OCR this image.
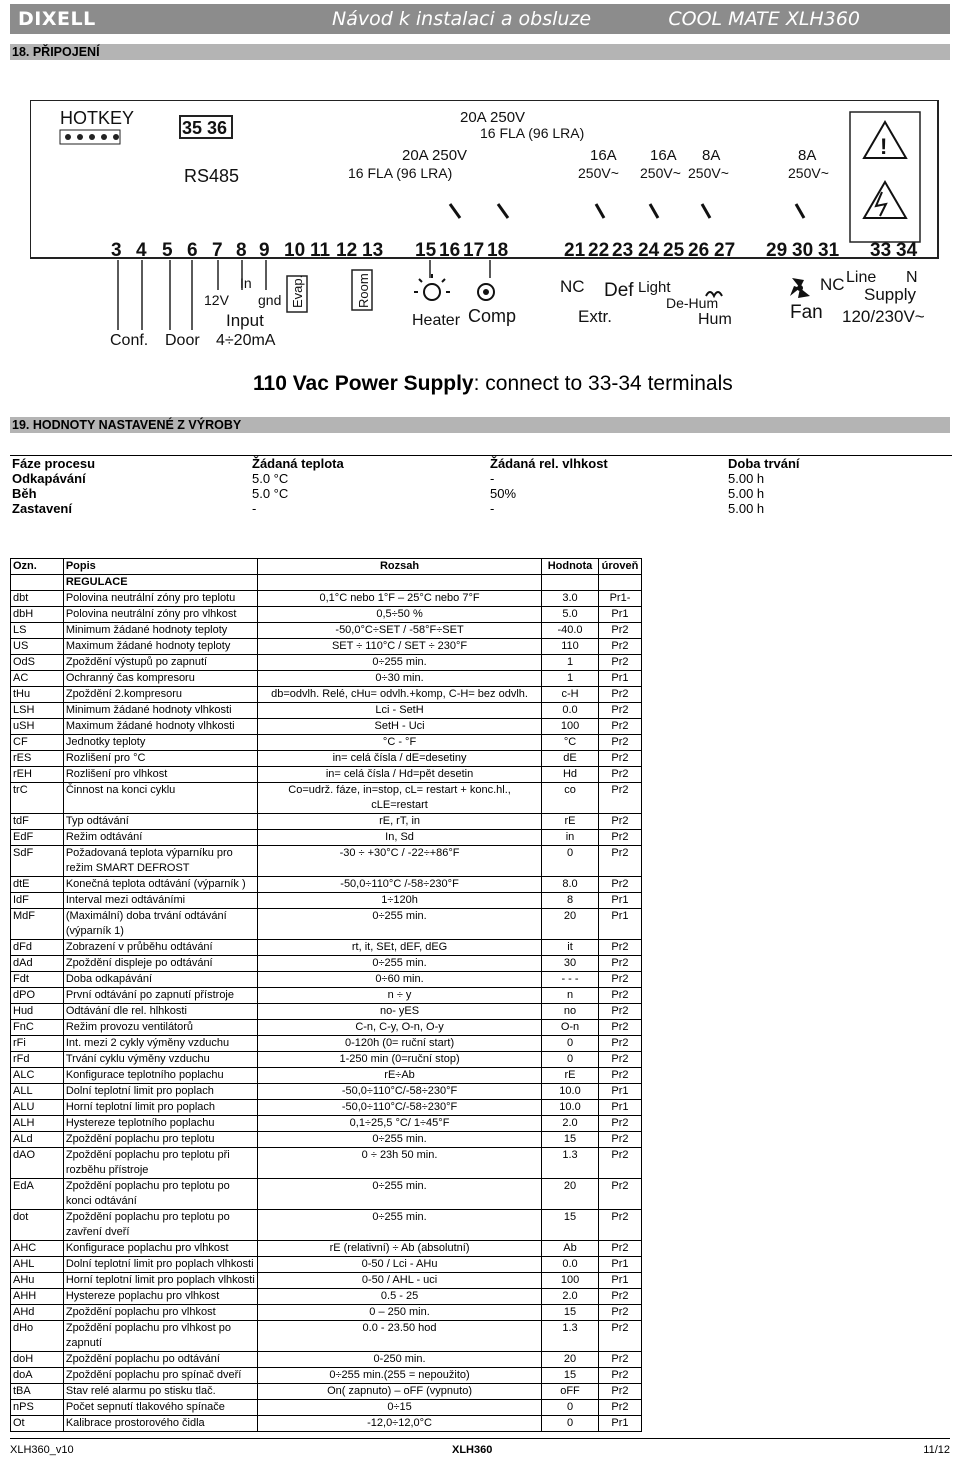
DIXELL	Návod k instalaci a obsluze	COOL MATE XLH360
18. PŘIPOJENÍ
HOTKEY	35 36
RS485
20A 250V
16 FLA (96 LRA)
20A 250V
16 FLA (96 LRA)
16A
250V~
16A
250V~
8A
250V~
8A
250V~
!
3 4 5 6 7 8 9 10 11 12 13 15 16 17 18	21 22 23 24 25 26 27 29 30 31 33 34
Conf. Door
12V gnd
In
Input
4÷20mA
Evap.	Room
Heater Comp
NC
Extr.
Def Light
De-Hum
Hum
NC
Fan
Line N
Supply
120/230V~
110 Vac Power Supply: connect to 33-34 terminals
19. HODNOTY NASTAVENÉ Z VÝROBY
Fáze procesu	Žádaná teplota	Žádaná rel. vlhkost	Doba trvání
Odkapávání	5.0 °C	-	5.00 h
Běh	5.0 °C	50%	5.00 h
Zastavení	-	-	5.00 h
Ozn.	Popis	Rozsah	Hodnota	úroveň
	REGULACE			
dbt	Polovina neutrální zóny pro teplotu	0,1°C nebo 1°F – 25°C nebo 7°F	3.0	Pr1-
dbH	Polovina neutrální zóny pro vlhkost	0,5÷50 %	5.0	Pr1
LS	Minimum žádané hodnoty teploty	-50,0°C÷SET / -58°F÷SET	-40.0	Pr2
US	Maximum žádané hodnoty teploty	SET ÷ 110°C / SET ÷ 230°F	110	Pr2
OdS	Zpoždění výstupů po zapnutí	0÷255 min.	1	Pr2
AC	Ochranný čas kompresoru	0÷30 min.	1	Pr1
tHu	Zpoždění 2.kompresoru	db=odvlh. Relé, cHu= odvlh.+komp, C-H= bez odvlh.	c-H	Pr2
LSH	Minimum žádané hodnoty vlhkosti	Lci - SetH	0.0	Pr2
uSH	Maximum žádané hodnoty vlhkosti	SetH - Uci	100	Pr2
CF	Jednotky teploty	°C - °F	°C	Pr2
rES	Rozlišení pro °C	in= celá čísla / dE=desetiny	dE	Pr2
rEH	Rozlišení pro vlhkost	in= celá čísla / Hd=pět desetin	Hd	Pr2
trC	Činnost na konci cyklu	Co=udrž. fáze, in=stop, cL= restart + konc.hl., cLE=restart	co	Pr2
tdF	Typ odtávání	rE, rT, in	rE	Pr2
EdF	Režim odtávání	In, Sd	in	Pr2
SdF	Požadovaná teplota výparníku pro režim SMART DEFROST	-30 ÷ +30°C / -22÷+86°F	0	Pr2
dtE	Konečná teplota odtávání (výparník )	-50,0÷110°C /-58÷230°F	8.0	Pr2
IdF	Interval mezi odtáváními	1÷120h	8	Pr1
MdF	(Maximální) doba trvání odtávání (výparník 1)	0÷255 min.	20	Pr1
dFd	Zobrazení v průběhu odtávání	rt, it, SEt, dEF, dEG	it	Pr2
dAd	Zpoždění displeje po odtávání	0÷255 min.	30	Pr2
Fdt	Doba odkapávání	0÷60 min.	- - -	Pr2
dPO	První odtávání po zapnutí přístroje	n ÷ y	n	Pr2
Hud	Odtávání dle rel. hlhkosti	no- yES	no	Pr2
FnC	Režim provozu ventilátorů	C-n, C-y, O-n, O-y	O-n	Pr2
rFi	Int. mezi 2 cykly výměny vzduchu	0-120h (0= ruční start)	0	Pr2
rFd	Trvání cyklu výměny vzduchu	1-250 min (0=ruční stop)	0	Pr2
ALC	Konfigurace teplotního poplachu	rE÷Ab	rE	Pr2
ALL	Dolní teplotní limit pro poplach	-50,0÷110°C/-58÷230°F	10.0	Pr1
ALU	Horní teplotní limit pro poplach	-50,0÷110°C/-58÷230°F	10.0	Pr1
ALH	Hystereze teplotního poplachu	0,1÷25,5 °C/ 1÷45°F	2.0	Pr2
ALd	Zpoždění poplachu pro teplotu	0÷255 min.	15	Pr2
dAO	Zpoždění poplachu pro teplotu při rozběhu přístroje	0 ÷ 23h 50 min.	1.3	Pr2
EdA	Zpoždění poplachu pro teplotu po konci odtávání	0÷255 min.	20	Pr2
dot	Zpoždění poplachu pro teplotu po zavření dveří	0÷255 min.	15	Pr2
AHC	Konfigurace poplachu pro vlhkost	rE (relativní) ÷ Ab (absolutní)	Ab	Pr2
AHL	Dolní teplotní limit pro poplach vlhkosti	0-50 / Lci - AHu	0.0	Pr1
AHu	Horní teplotní limit pro poplach vlhkosti	0-50 / AHL - uci	100	Pr1
AHH	Hystereze poplachu pro vlhkost	0.5 - 25	2.0	Pr2
AHd	Zpoždění poplachu pro vlhkost	0 – 250 min.	15	Pr2
dHo	Zpoždění poplachu pro vlhkost po zapnutí	0.0 - 23.50 hod	1.3	Pr2
doH	Zpoždění poplachu po odtávání	0-250 min.	20	Pr2
doA	Zpoždění poplachu pro spínač dveří	0÷255 min.(255 = nepoužito)	15	Pr2
tBA	Stav relé alarmu po stisku tlač.	On( zapnuto) – oFF (vypnuto)	oFF	Pr2
nPS	Počet sepnutí tlakového spínače	0÷15	0	Pr2
Ot	Kalibrace prostorového čidla	-12,0÷12,0°C	0	Pr1
XLH360_v10	XLH360	11/12
